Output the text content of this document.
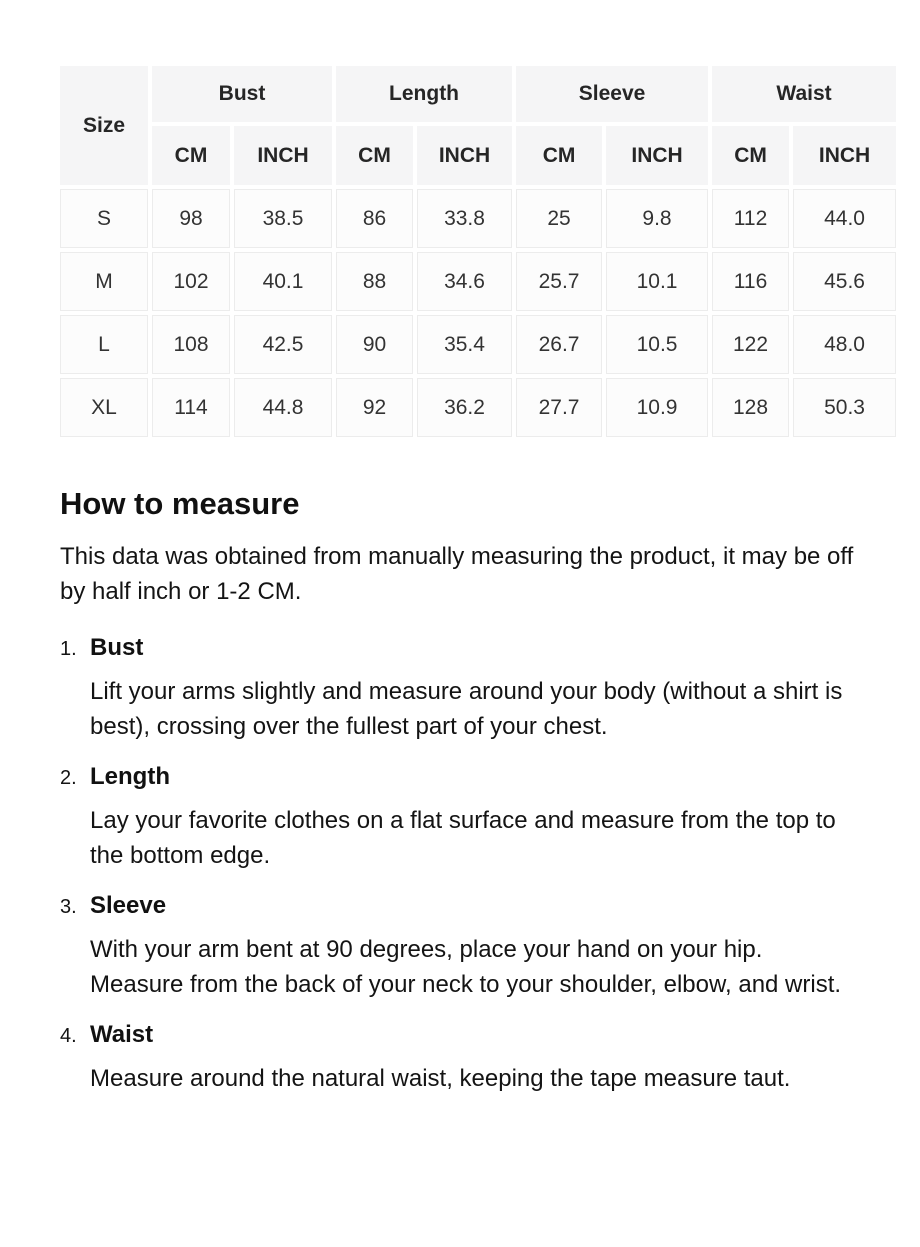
Size	Bust		Length		Sleeve		Waist	
	CM	INCH	CM	INCH	CM	INCH	CM	INCH
S	98	38.5	86	33.8	25	9.8	112	44.0
M	102	40.1	88	34.6	25.7	10.1	116	45.6
L	108	42.5	90	35.4	26.7	10.5	122	48.0
XL	114	44.8	92	36.2	27.7	10.9	128	50.3
How to measure

This data was obtained from manually measuring the product, it may be off by half inch or 1-2 CM.

1. Bust

Lift your arms slightly and measure around your body (without a shirt is best), crossing over the fullest part of your chest.

2. Length

Lay your favorite clothes on a flat surface and measure from the top to the bottom edge.

3. Sleeve

With your arm bent at 90 degrees, place your hand on your hip. Measure from the back of your neck to your shoulder, elbow, and wrist.

4. Waist

Measure around the natural waist, keeping the tape measure taut.
